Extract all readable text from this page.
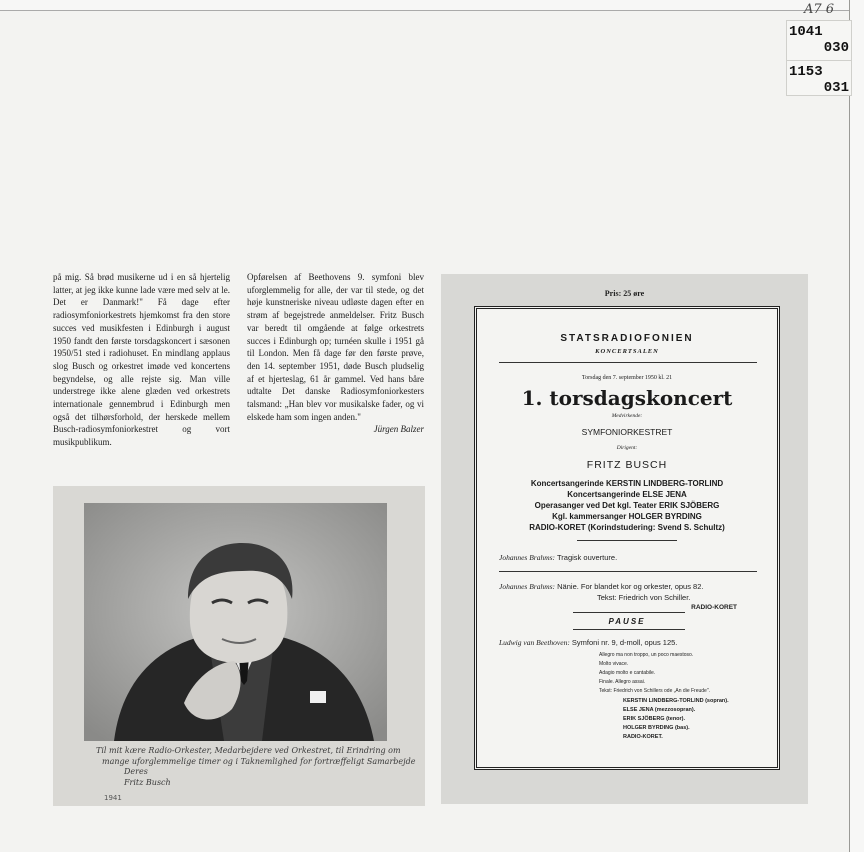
A7 6
1041
030
1153
031

på mig. Så brød musikerne ud i en så hjertelig latter, at jeg ikke kunne lade være med selv at le. Det er Danmark!" Få dage efter radiosymfoniorkestrets hjemkomst fra den store succes ved musikfesten i Edinburgh i august 1950 fandt den første torsdagskoncert i sæsonen 1950/51 sted i radiohuset. En mindlang applaus slog Busch og orkestret imøde ved koncertens begyndelse, og alle rejste sig. Man ville understrege ikke alene glæden ved orkestrets internationale gennembrud i Edinburgh men også det tilhørsforhold, der herskede mellem Busch-radiosymfoniorkestret og vort musikpublikum.

Opførelsen af Beethovens 9. symfoni blev uforglemmelig for alle, der var til stede, og det høje kunstneriske niveau udløste dagen efter en strøm af begejstrede anmeldelser. Fritz Busch var beredt til omgående at følge orkestrets succes i Edinburgh op; turnéen skulle i 1951 gå til London. Men få dage før den første prøve, den 14. september 1951, døde Busch pludselig af et hjerteslag, 61 år gammel. Ved hans båre udtalte Det danske Radiosymfoniorkesters talsmand: „Han blev vor musikalske fader, og vi elskede ham som ingen anden."

Jürgen Balzer

Til mit kære Radio-Orkester, Medarbejdere ved Orkestret, til Erindring om
mange uforglemmelige timer og i Taknemlighed for fortræffeligt Samarbejde
Deres
Fritz Busch
1941
Pris: 25 øre
STATSRADIOFONIEN
KONCERTSALEN
Torsdag den 7. september 1950 kl. 21
1. torsdagskoncert
Medvirkende:
SYMFONIORKESTRET
Dirigent:
FRITZ BUSCH
Koncertsangerinde KERSTIN LINDBERG-TORLIND
Koncertsangerinde ELSE JENA
Operasanger ved Det kgl. Teater ERIK SJÖBERG
Kgl. kammersanger HOLGER BYRDING
RADIO-KORET (Korindstudering: Svend S. Schultz)
Johannes Brahms: Tragisk ouverture.
Johannes Brahms: Nänie. For blandet kor og orkester, opus 82.
Tekst: Friedrich von Schiller.
RADIO-KORET
PAUSE
Ludwig van Beethoven: Symfoni nr. 9, d-moll, opus 125.
Allegro ma non troppo, un poco maestoso.
Molto vivace.
Adagio molto e cantabile.
Finale. Allegro assai.
Tekst: Friedrich von Schillers ode „An die Freude".
KERSTIN LINDBERG-TORLIND (sopran).
ELSE JENA (mezzosopran).
ERIK SJÖBERG (tenor).
HOLGER BYRDING (bas).
RADIO-KORET.
